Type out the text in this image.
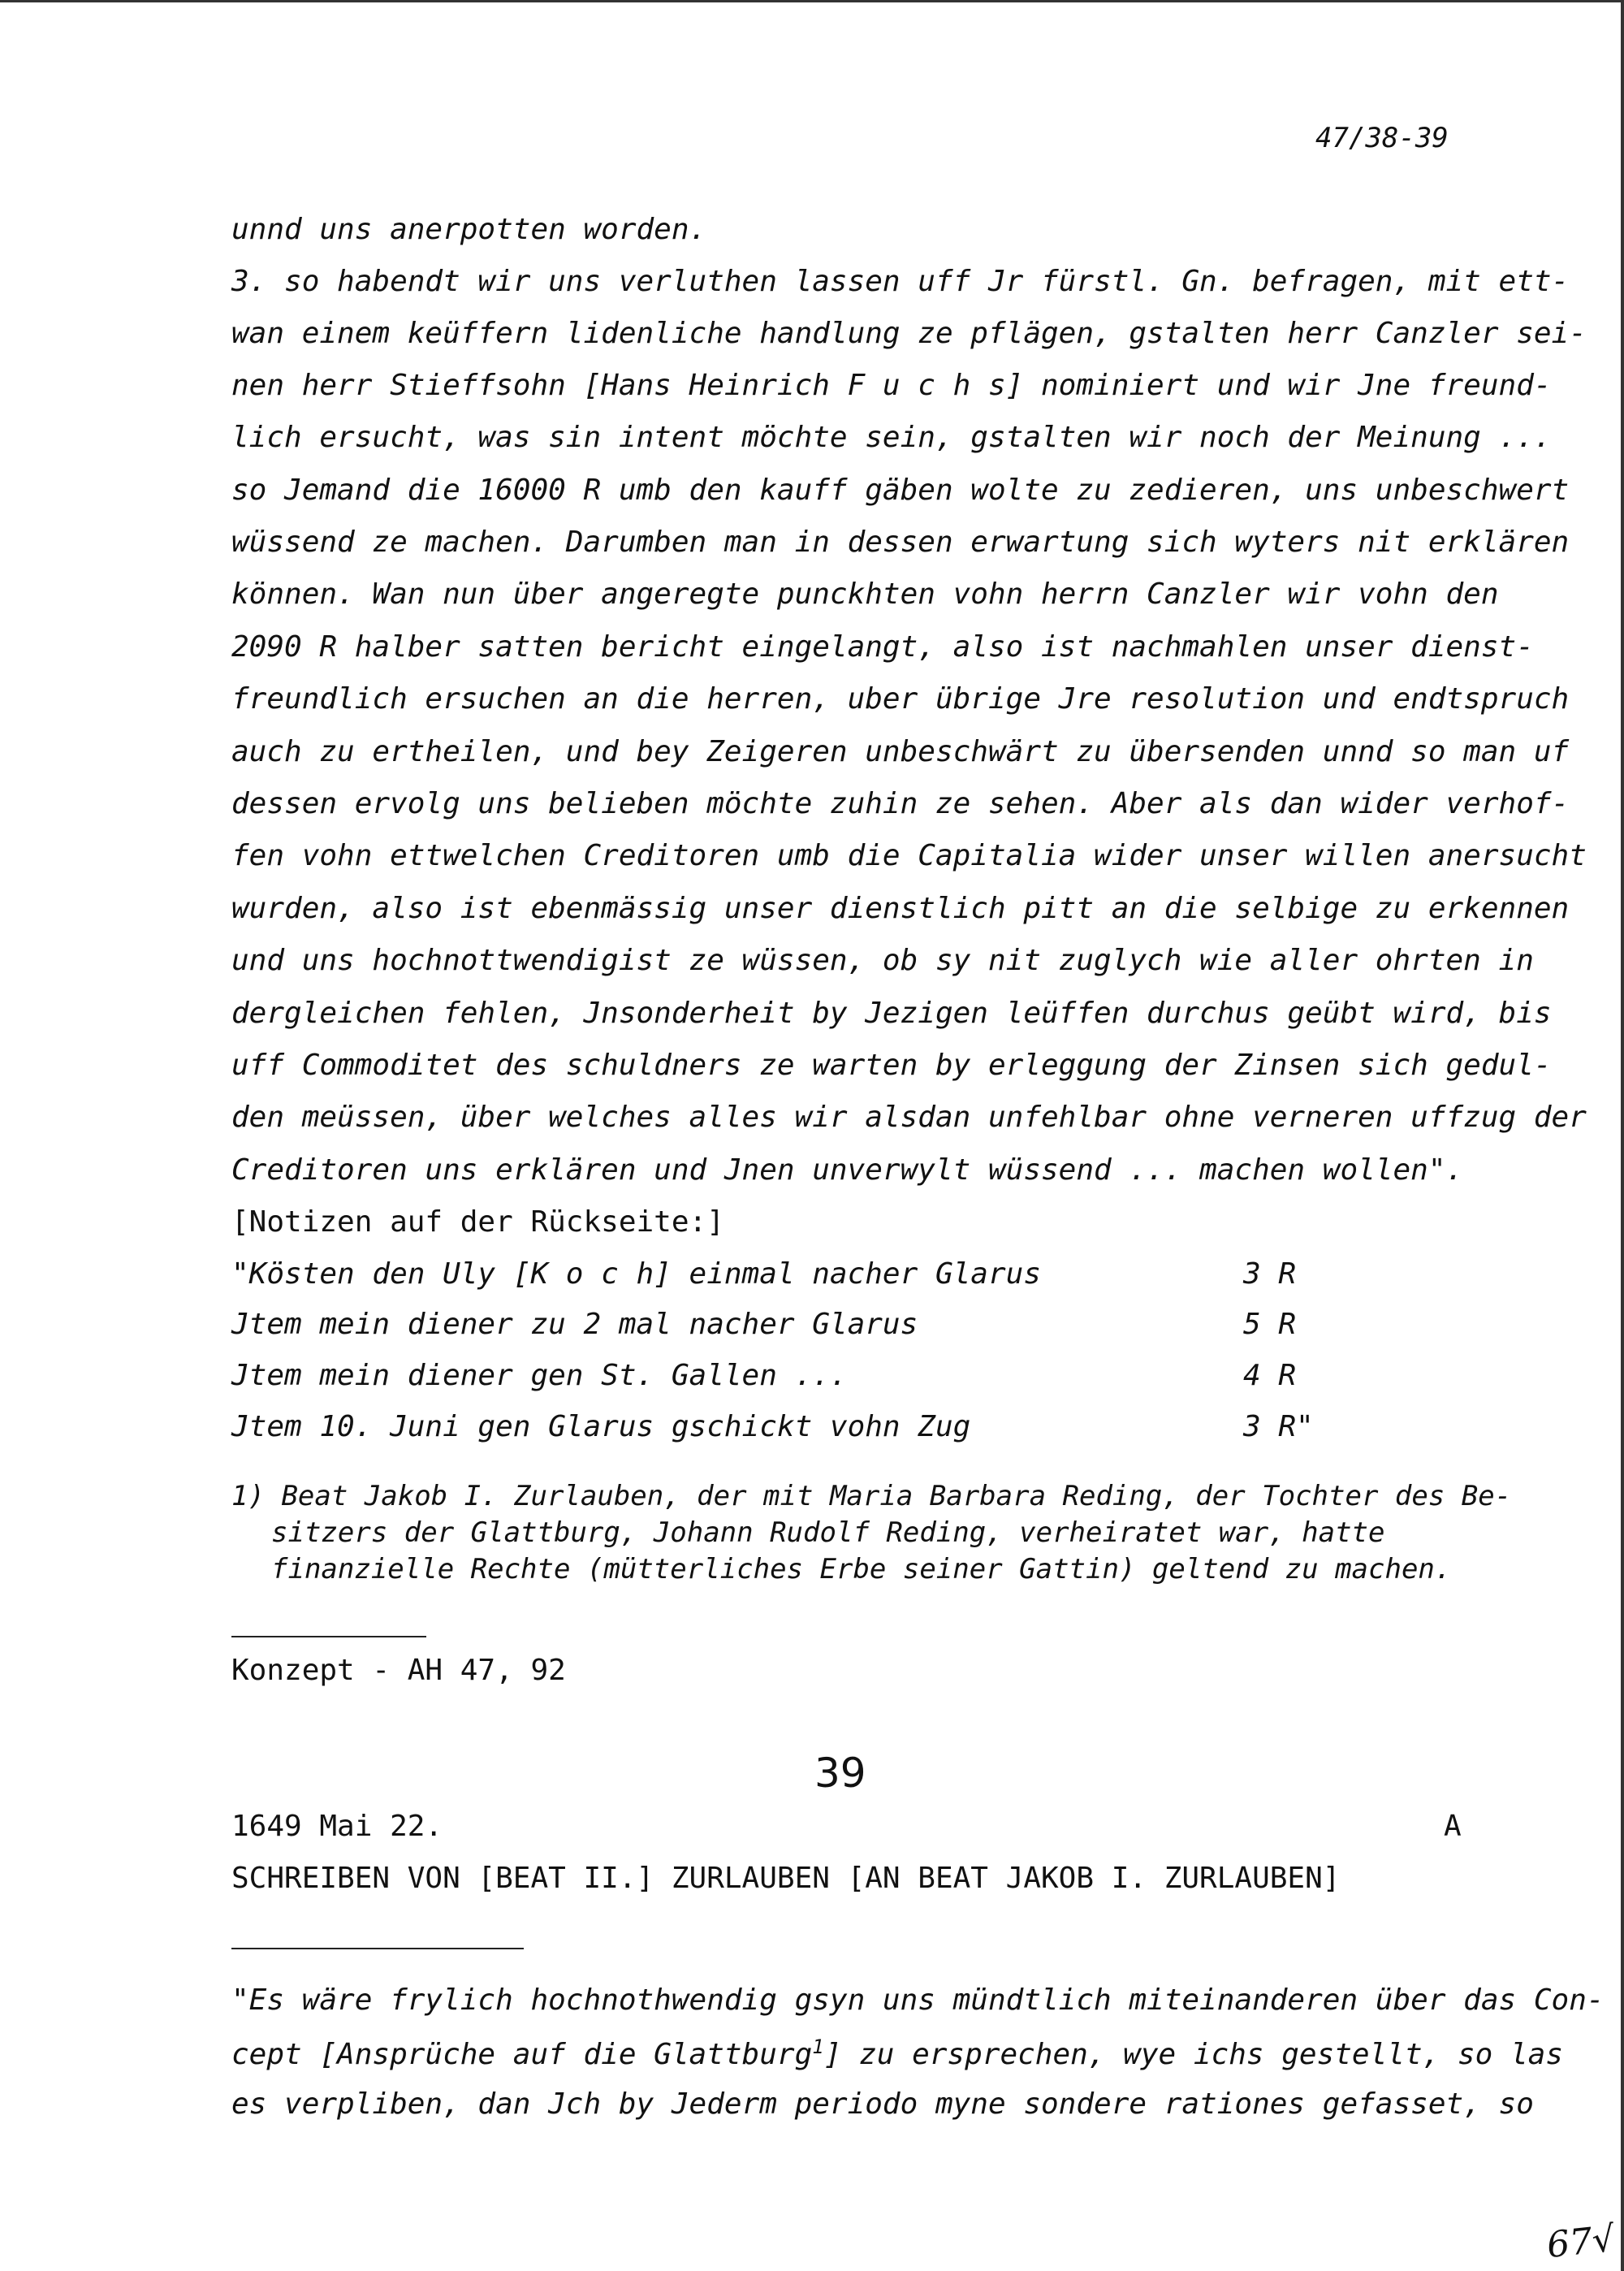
47/38-39
unnd uns anerpotten worden.
3. so habendt wir uns verluthen lassen uff Jr fürstl. Gn. befragen, mit ett-
wan einem keüffern lidenliche handlung ze pflägen, gstalten herr Canzler sei-
nen herr Stieffsohn [Hans Heinrich F u c h s] nominiert und wir Jne freund-
lich ersucht, was sin intent möchte sein, gstalten wir noch der Meinung ...
so Jemand die 16000 R umb den kauff gäben wolte zu zedieren, uns unbeschwert
wüssend ze machen. Darumben man in dessen erwartung sich wyters nit erklären
können. Wan nun über angeregte punckhten vohn herrn Canzler wir vohn den
2090 R halber satten bericht eingelangt, also ist nachmahlen unser dienst-
freundlich ersuchen an die herren, uber übrige Jre resolution und endtspruch
auch zu ertheilen, und bey Zeigeren unbeschwärt zu übersenden unnd so man uf
dessen ervolg uns belieben möchte zuhin ze sehen. Aber als dan wider verhof-
fen vohn ettwelchen Creditoren umb die Capitalia wider unser willen anersucht
wurden, also ist ebenmässig unser dienstlich pitt an die selbige zu erkennen
und uns hochnottwendigist ze wüssen, ob sy nit zuglych wie aller ohrten in
dergleichen fehlen, Jnsonderheit by Jezigen leüffen durchus geübt wird, bis
uff Commoditet des schuldners ze warten by erleggung der Zinsen sich gedul-
den meüssen, über welches alles wir alsdan unfehlbar ohne verneren uffzug der
Creditoren uns erklären und Jnen unverwylt wüssend ... machen wollen".
[Notizen auf der Rückseite:]
"Kösten den Uly [K o c h] einmal nacher Glarus	3 R
Jtem mein diener zu 2 mal nacher Glarus	5 R
Jtem mein diener gen St. Gallen ...	4 R
Jtem 10. Juni gen Glarus gschickt vohn Zug	3 R"
1) Beat Jakob I. Zurlauben, der mit Maria Barbara Reding, der Tochter des Be-
sitzers der Glattburg, Johann Rudolf Reding, verheiratet war, hatte
finanzielle Rechte (mütterliches Erbe seiner Gattin) geltend zu machen.
Konzept - AH 47, 92
39
1649 Mai 22.	A
SCHREIBEN VON [BEAT II.] ZURLAUBEN [AN BEAT JAKOB I. ZURLAUBEN]
"Es wäre frylich hochnothwendig gsyn uns mündtlich miteinanderen über das Con-
cept [Ansprüche auf die Glattburg$^1$] zu ersprechen, wye ichs gestellt, so las
es verpliben, dan Jch by Jederm periodo myne sondere rationes gefasset, so
67√
